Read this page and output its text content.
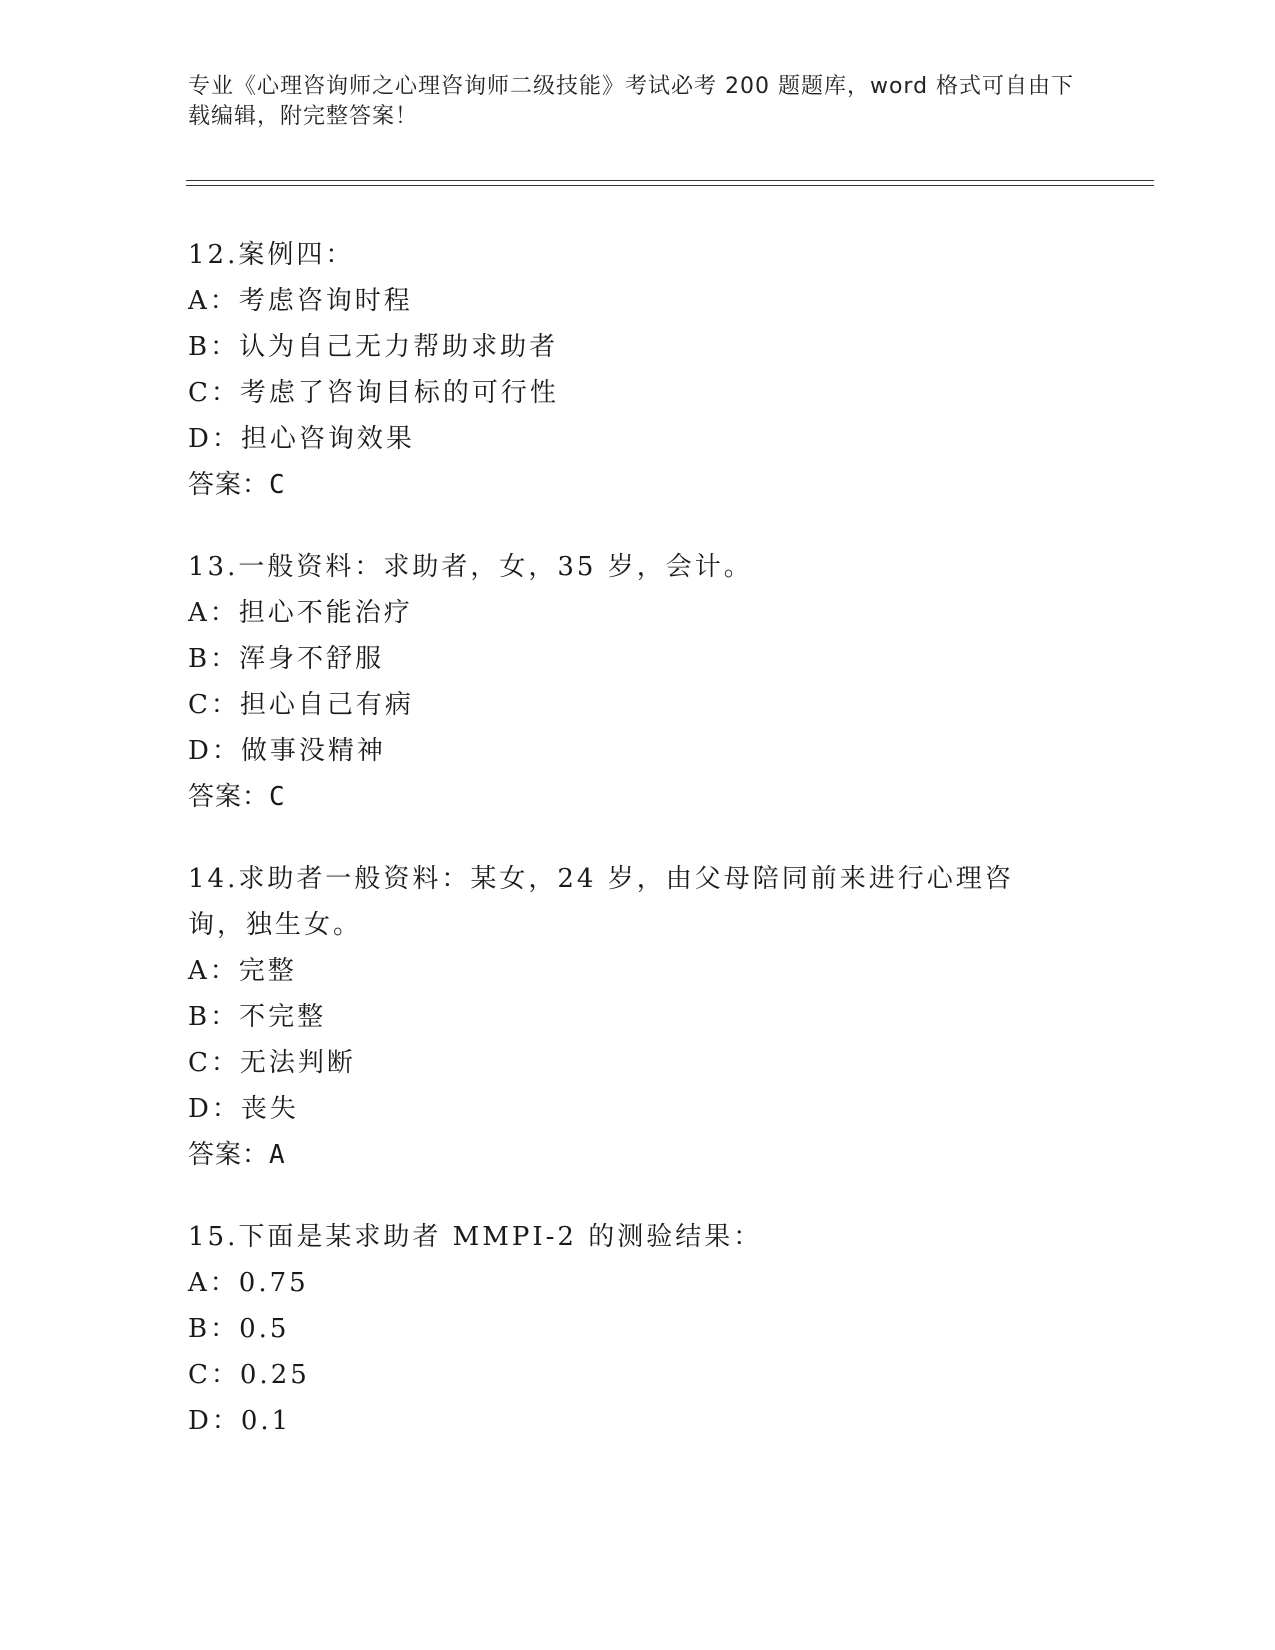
专业《心理咨询师之心理咨询师二级技能》考试必考 200 题题库，word 格式可自由下载编辑，附完整答案！
12.案例四：
A：考虑咨询时程
B：认为自己无力帮助求助者
C：考虑了咨询目标的可行性
D：担心咨询效果
答案：C
13.一般资料：求助者，女，35 岁，会计。
A：担心不能治疗
B：浑身不舒服
C：担心自己有病
D：做事没精神
答案：C
14.求助者一般资料：某女，24 岁，由父母陪同前来进行心理咨询，独生女。
A：完整
B：不完整
C：无法判断
D：丧失
答案：A
15.下面是某求助者 MMPI-2 的测验结果：
A：0.75
B：0.5
C：0.25
D：0.1
